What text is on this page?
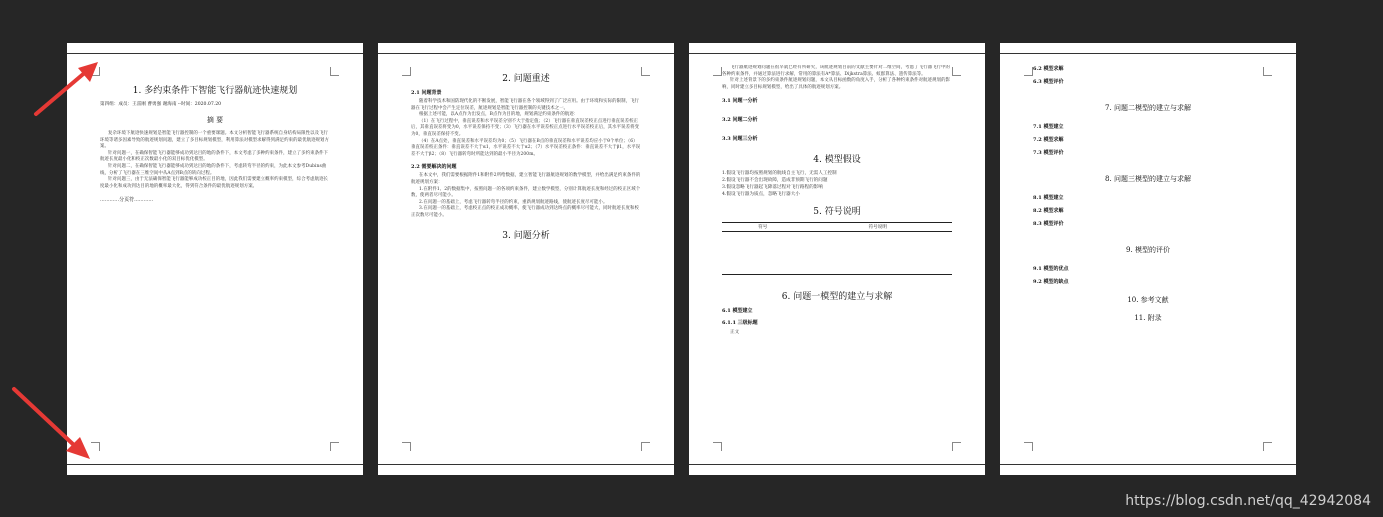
1. 多约束条件下智能飞行器航迹快速规划
第四组：成员：王雷刚 曹勇强 谢海南 --时间：2020.07.20
摘 要

复杂环境下航迹快速规划是智能飞行器控制的一个重要课题。本文分析智能飞行器系统自身结构局限性以及飞行环境等诸多因素导致的航迹规划问题，建立了多目标规划模型，利用算法对模型求解得到满足约束的最优航迹规划方案。

针对问题一，在确保智能飞行器能够成功到达目的地的条件下，本文考虑了多种约束条件，建立了多约束条件下航迹长度最小化和校正次数最小化的双目标优化模型。

针对问题二，在确保智能飞行器能够成功到达目的地的条件下，考虑转弯半径的约束，为此本文参考Dubins曲线，分析了飞行器在三维空间中从A点到B点的转向过程。

针对问题三，由于无法确保智能飞行器能够成功校正目的地，因此我们需要建立概率约束模型，综合考虑航迹长度最小化和成功到达目的地的概率最大化，得到符合条件的最优航迹规划方案。

............分页符............
2. 问题重述
2.1 问题背景

随着科学技术和国防现代化的不断发展，智能飞行器在各个领域得到了广泛应用。由于环境和实际的限制，飞行器在飞行过程中会产生定位误差，航迹规划是智能飞行器控制的关键技术之一。

根据上述可能，以A点作为出发点，B点作为目的地，规划满足约束条件的航迹：

（1）在飞行过程中，垂直误差和水平误差分别不大于指定值；（2）飞行器在垂直误差校正点进行垂直误差校正后，其垂直误差将变为0，水平误差保持不变；（3）飞行器在水平误差校正点进行水平误差校正后，其水平误差将变为0，垂直误差保持不变。

（4）在A点处，垂直误差和水平误差均为0；（5）飞行器在B点的垂直误差和水平误差均应小于θ个单位；（6）垂直误差校正条件：垂直误差不大于α1，水平误差不大于α2；（7）水平误差校正条件：垂直误差不大于β1，水平误差不大于β2；（8）飞行器转弯时所能达到的最小半径为200m。

2.2 需要解决的问题

在本文中，我们需要根据附件1和附件2所给数据，建立智能飞行器航迹规划的数学模型，并给出满足约束条件的航迹规划方案：

1.在附件1、2的数据集中，按照问题一的各项约束条件，建立数学模型，分别计算航迹长度和经过的校正区域个数，使两者尽可能小。

2.在问题一的基础上，考虑飞行器转弯半径的约束，重新规划航迹路线，使航迹长度尽可能小。

3.在问题一的基础上，考虑校正点的校正成功概率，使飞行器成功到达终点的概率尽可能大，同时航迹长度和校正次数尽可能小。

3. 问题分析

飞行器航迹规划问题在很早就已经有所研究，该航迹规划目前的文献主要针对二维空间，考虑了飞行器飞行中的各种约束条件，并通过算法进行求解，常用的算法有A*算法、Dijkstra算法、蚁群算法、遗传算法等。

针对上述背景下的多约束条件航迹规划问题，本文从目标函数的角度入手，分析了各种约束条件对航迹规划的影响，同时建立多目标规划模型，给出了具体的航迹规划方案。

3.1 问题一分析
3.2 问题二分析
3.3 问题三分析
4. 模型假设
1.假设飞行器均按照规划的航线自主飞行，无需人工控制
2.假设飞行器不会出现故障，造成非预期飞行的问题
3.假设忽略飞行器起飞降落过程对飞行路程的影响
4.假设飞行器为质点，忽略飞行器大小
5. 符号说明
符号	符号说明

6. 问题一模型的建立与求解
6.1 模型建立
6.1.1 三级标题
正文
6.2 模型求解
6.3 模型评价
7. 问题二模型的建立与求解
7.1 模型建立
7.2 模型求解
7.3 模型评价
8. 问题三模型的建立与求解
8.1 模型建立
8.2 模型求解
8.3 模型评价
9. 模型的评价
9.1 模型的优点
9.2 模型的缺点
10. 参考文献
11. 附录
https://blog.csdn.net/qq_42942084
